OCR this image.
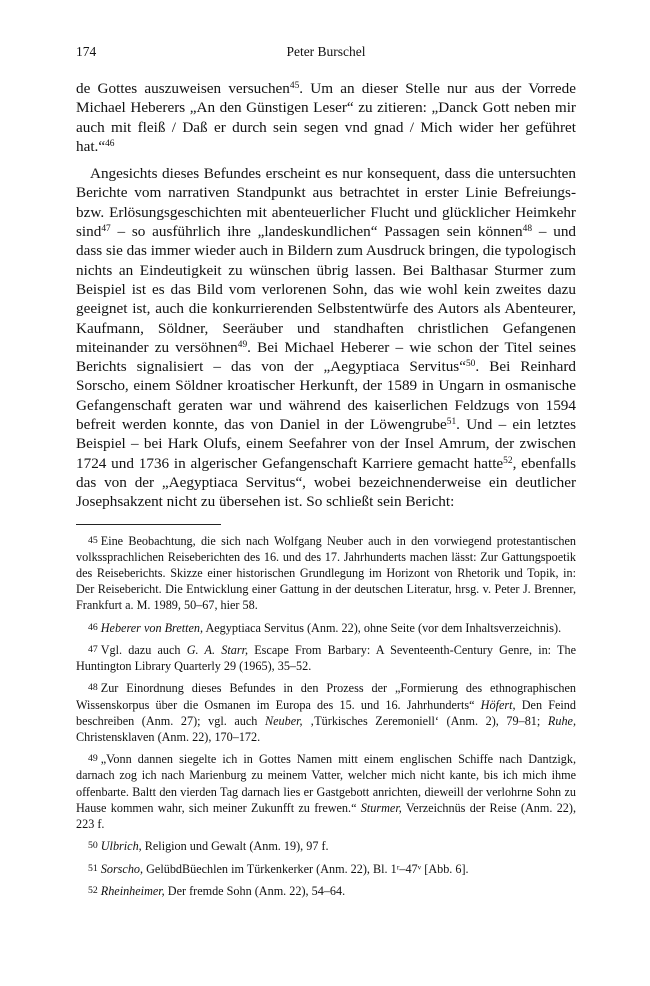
174	Peter Burschel

de Gottes auszuweisen versuchen$^{45}$. Um an dieser Stelle nur aus der Vorrede Michael Heberers „An den Günstigen Leser“ zu zitieren: „Danck Gott neben mir auch mit fleiß / Daß er durch sein segen vnd gnad / Mich wider her geführet hat.“$^{46}$

Angesichts dieses Befundes erscheint es nur konsequent, dass die untersuchten Berichte vom narrativen Standpunkt aus betrachtet in erster Linie Befreiungs- bzw. Erlösungsgeschichten mit abenteuerlicher Flucht und glücklicher Heimkehr sind$^{47}$ – so ausführlich ihre „landeskundlichen“ Passagen sein können$^{48}$ – und dass sie das immer wieder auch in Bildern zum Ausdruck bringen, die typologisch nichts an Eindeutigkeit zu wünschen übrig lassen. Bei Balthasar Sturmer zum Beispiel ist es das Bild vom verlorenen Sohn, das wie wohl kein zweites dazu geeignet ist, auch die konkurrierenden Selbstentwürfe des Autors als Abenteurer, Kaufmann, Söldner, Seeräuber und standhaften christlichen Gefangenen miteinander zu versöhnen$^{49}$. Bei Michael Heberer – wie schon der Titel seines Berichts signalisiert – das von der „Aegyptiaca Servitus“$^{50}$. Bei Reinhard Sorscho, einem Söldner kroatischer Herkunft, der 1589 in Ungarn in osmanische Gefangenschaft geraten war und während des kaiserlichen Feldzugs von 1594 befreit werden konnte, das von Daniel in der Löwengrube$^{51}$. Und – ein letztes Beispiel – bei Hark Olufs, einem Seefahrer von der Insel Amrum, der zwischen 1724 und 1736 in algerischer Gefangenschaft Karriere gemacht hatte$^{52}$, ebenfalls das von der „Aegyptiaca Servitus“, wobei bezeichnenderweise ein deutlicher Josephsakzent nicht zu übersehen ist. So schließt sein Bericht:

45 Eine Beobachtung, die sich nach Wolfgang Neuber auch in den vorwiegend protestantischen volkssprachlichen Reiseberichten des 16. und des 17. Jahrhunderts machen lässt: Zur Gattungspoetik des Reiseberichts. Skizze einer historischen Grundlegung im Horizont von Rhetorik und Topik, in: Der Reisebericht. Die Entwicklung einer Gattung in der deutschen Literatur, hrsg. v. Peter J. Brenner, Frankfurt a. M. 1989, 50–67, hier 58.

46 Heberer von Bretten, Aegyptiaca Servitus (Anm. 22), ohne Seite (vor dem Inhaltsverzeichnis).

47 Vgl. dazu auch G. A. Starr, Escape From Barbary: A Seventeenth-Century Genre, in: The Huntington Library Quarterly 29 (1965), 35–52.

48 Zur Einordnung dieses Befundes in den Prozess der „Formierung des ethnographischen Wissenskorpus über die Osmanen im Europa des 15. und 16. Jahrhunderts“ Höfert, Den Feind beschreiben (Anm. 27); vgl. auch Neuber, ‚Türkisches Zeremoniell‘ (Anm. 2), 79–81; Ruhe, Christensklaven (Anm. 22), 170–172.

49 „Vonn dannen siegelte ich in Gottes Namen mitt einem englischen Schiffe nach Dantzigk, darnach zog ich nach Marienburg zu meinem Vatter, welcher mich nicht kante, bis ich mich ihme offenbarte. Baltt den vierden Tag darnach lies er Gastgebott anrichten, dieweill der verlohrne Sohn zu Hause kommen wahr, sich meiner Zukunfft zu frewen.“ Sturmer, Verzeichnüs der Reise (Anm. 22), 223 f.

50 Ulbrich, Religion und Gewalt (Anm. 19), 97 f.

51 Sorscho, GelübdBüechlen im Türkenkerker (Anm. 22), Bl. 1ʳ–47ᵛ [Abb. 6].

52 Rheinheimer, Der fremde Sohn (Anm. 22), 54–64.
